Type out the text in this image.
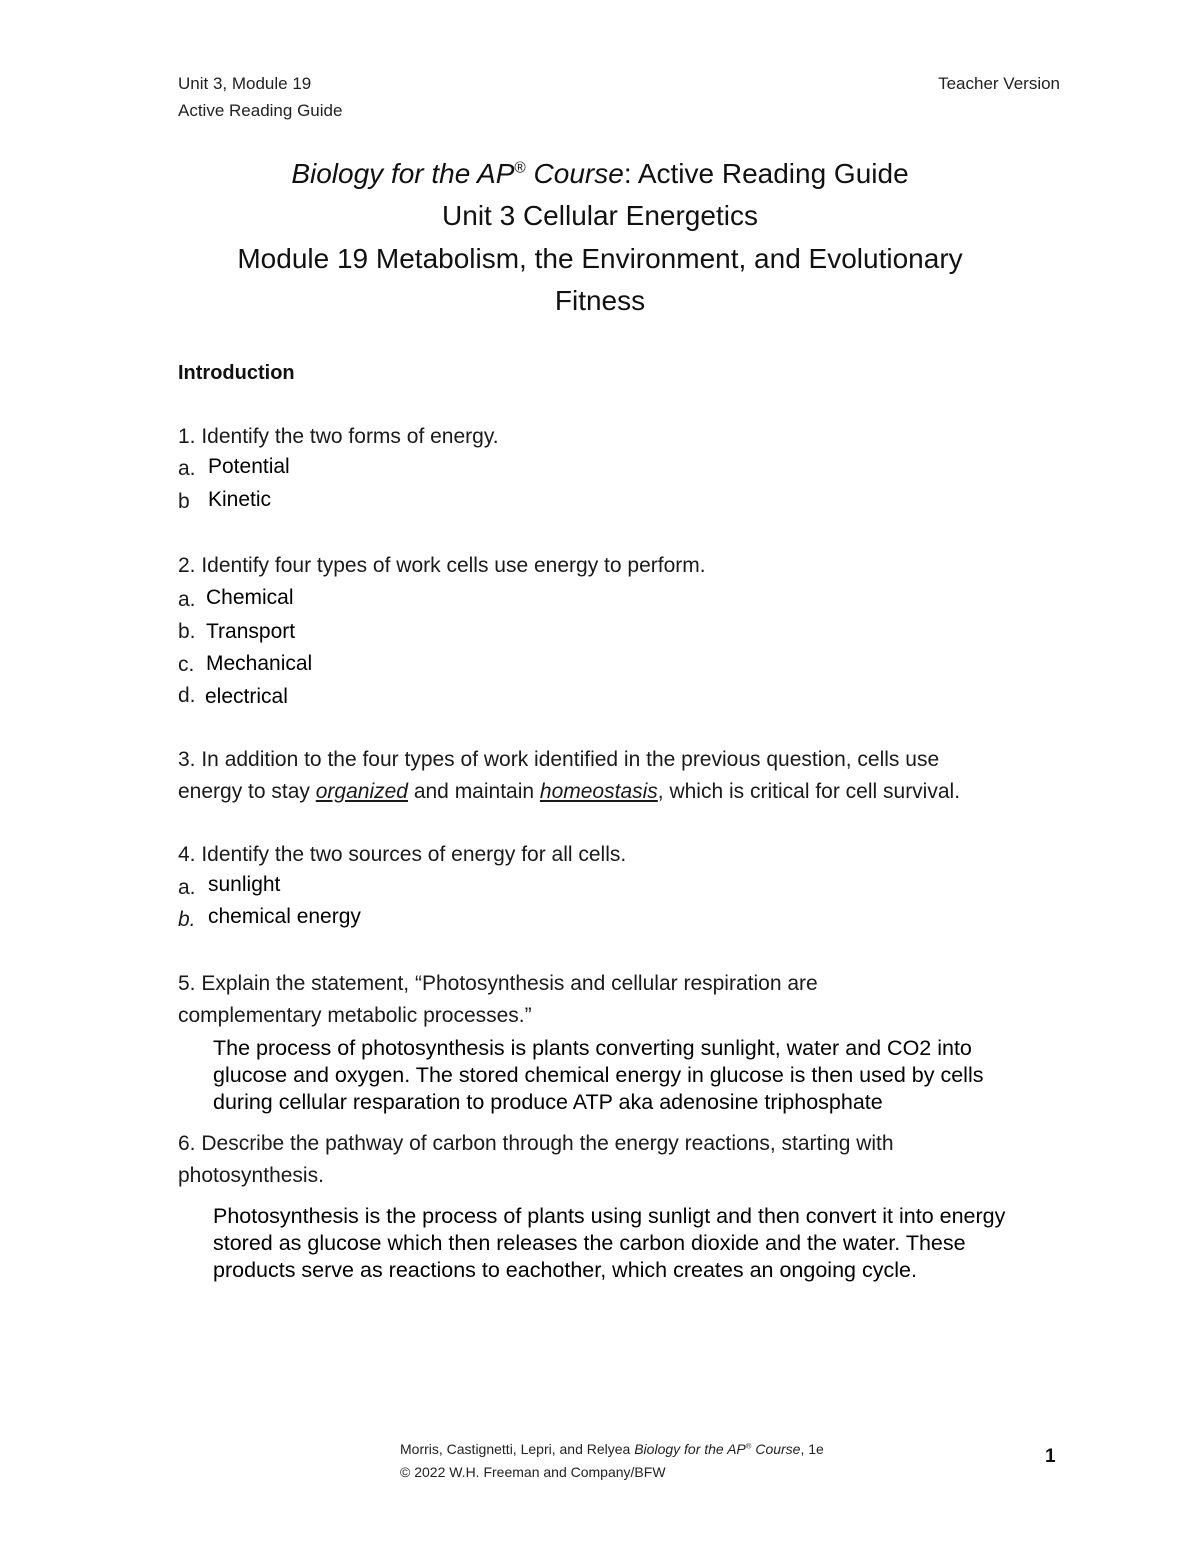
Unit 3, Module 19
Active Reading Guide
Teacher Version
Biology for the AP® Course: Active Reading Guide
Unit 3 Cellular Energetics
Module 19 Metabolism, the Environment, and Evolutionary
Fitness
Introduction
1. Identify the two forms of energy.
a. Potential
b Kinetic
2. Identify four types of work cells use energy to perform.
a. Chemical
b. Transport
c. Mechanical
d. electrical
3. In addition to the four types of work identified in the previous question, cells use
energy to stay organized and maintain homeostasis, which is critical for cell survival.
4. Identify the two sources of energy for all cells.
a. sunlight
b. chemical energy
5. Explain the statement, “Photosynthesis and cellular respiration are
complementary metabolic processes.”
The process of photosynthesis is plants converting sunlight, water and CO2 into glucose and oxygen. The stored chemical energy in glucose is then used by cells during cellular resparation to produce ATP aka adenosine triphosphate
6. Describe the pathway of carbon through the energy reactions, starting with
photosynthesis.
Photosynthesis is the process of plants using sunligt and then convert it into energy stored as glucose which then releases the carbon dioxide and the water. These products serve as reactions to eachother, which creates an ongoing cycle.
Morris, Castignetti, Lepri, and Relyea Biology for the AP® Course, 1e
© 2022 W.H. Freeman and Company/BFW
1
